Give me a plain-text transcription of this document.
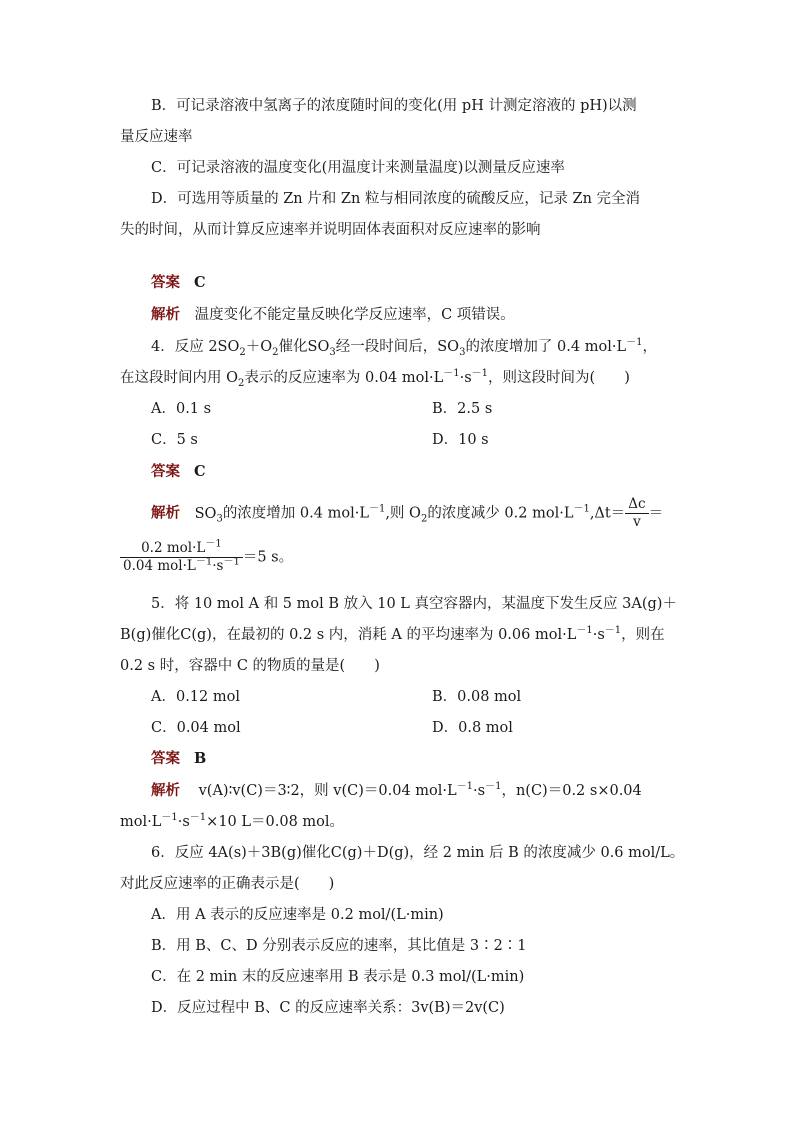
B．可记录溶液中氢离子的浓度随时间的变化(用 pH 计测定溶液的 pH)以测
量反应速率
C．可记录溶液的温度变化(用温度计来测量温度)以测量反应速率
D．可选用等质量的 Zn 片和 Zn 粒与相同浓度的硫酸反应，记录 Zn 完全消
失的时间，从而计算反应速率并说明固体表面积对反应速率的影响
答案 C
解析 温度变化不能定量反映化学反应速率，C 项错误。
4．反应 $2SO_2+O_2$催化$SO_3$经一段时间后，$SO_3$的浓度增加了 0.4 $mol\cdot L^{-1}$，
在这段时间内用 $O_2$表示的反应速率为 0.04 $mol\cdot L^{-1}\cdot s^{-1}$，则这段时间为(　　)
A．0.1 s	B．2.5 s
C．5 s	D．10 s
答案 C
解析 $SO_3$的浓度增加 0.4 $mol\cdot L^{-1}$,则 $O_2$的浓度减少 0.2 $mol\cdot L^{-1},\Delta t= \frac{\Delta c}{v}$ ＝
$\frac{0.2 mol\cdot L^{-1}}{0.04 mol\cdot L^{-1}\cdot s^{-1}} =5$ s。
5．将 10 mol A 和 5 mol B 放入 10 L 真空容器内，某温度下发生反应 3A(g)＋
B(g)催化C(g)，在最初的 0.2 s 内，消耗 A 的平均速率为 0.06 $mol\cdot L^{-1}\cdot s^{-1}$，则在
0.2 s 时，容器中 C 的物质的量是(　　)
A．0.12 mol	B．0.08 mol
C．0.04 mol	D．0.8 mol
答案 B
解析 v(A)∶v(C)＝3∶2，则 v(C)＝0.04 $mol\cdot L^{-1}\cdot s^{-1}$，n(C)＝0.2 s×0.04
$mol\cdot L^{-1}\cdot s^{-1}\times 10$ L＝0.08 mol。
6．反应 4A(s)＋3B(g)催化C(g)＋D(g)，经 2 min 后 B 的浓度减少 0.6 mol/L。
对此反应速率的正确表示是(　　)
A．用 A 表示的反应速率是 0.2 mol/(L·min)
B．用 B、C、D 分别表示反应的速率，其比值是 3∶2∶1
C．在 2 min 末的反应速率用 B 表示是 0.3 mol/(L·min)
D．反应过程中 B、C 的反应速率关系：3v(B)＝2v(C)
